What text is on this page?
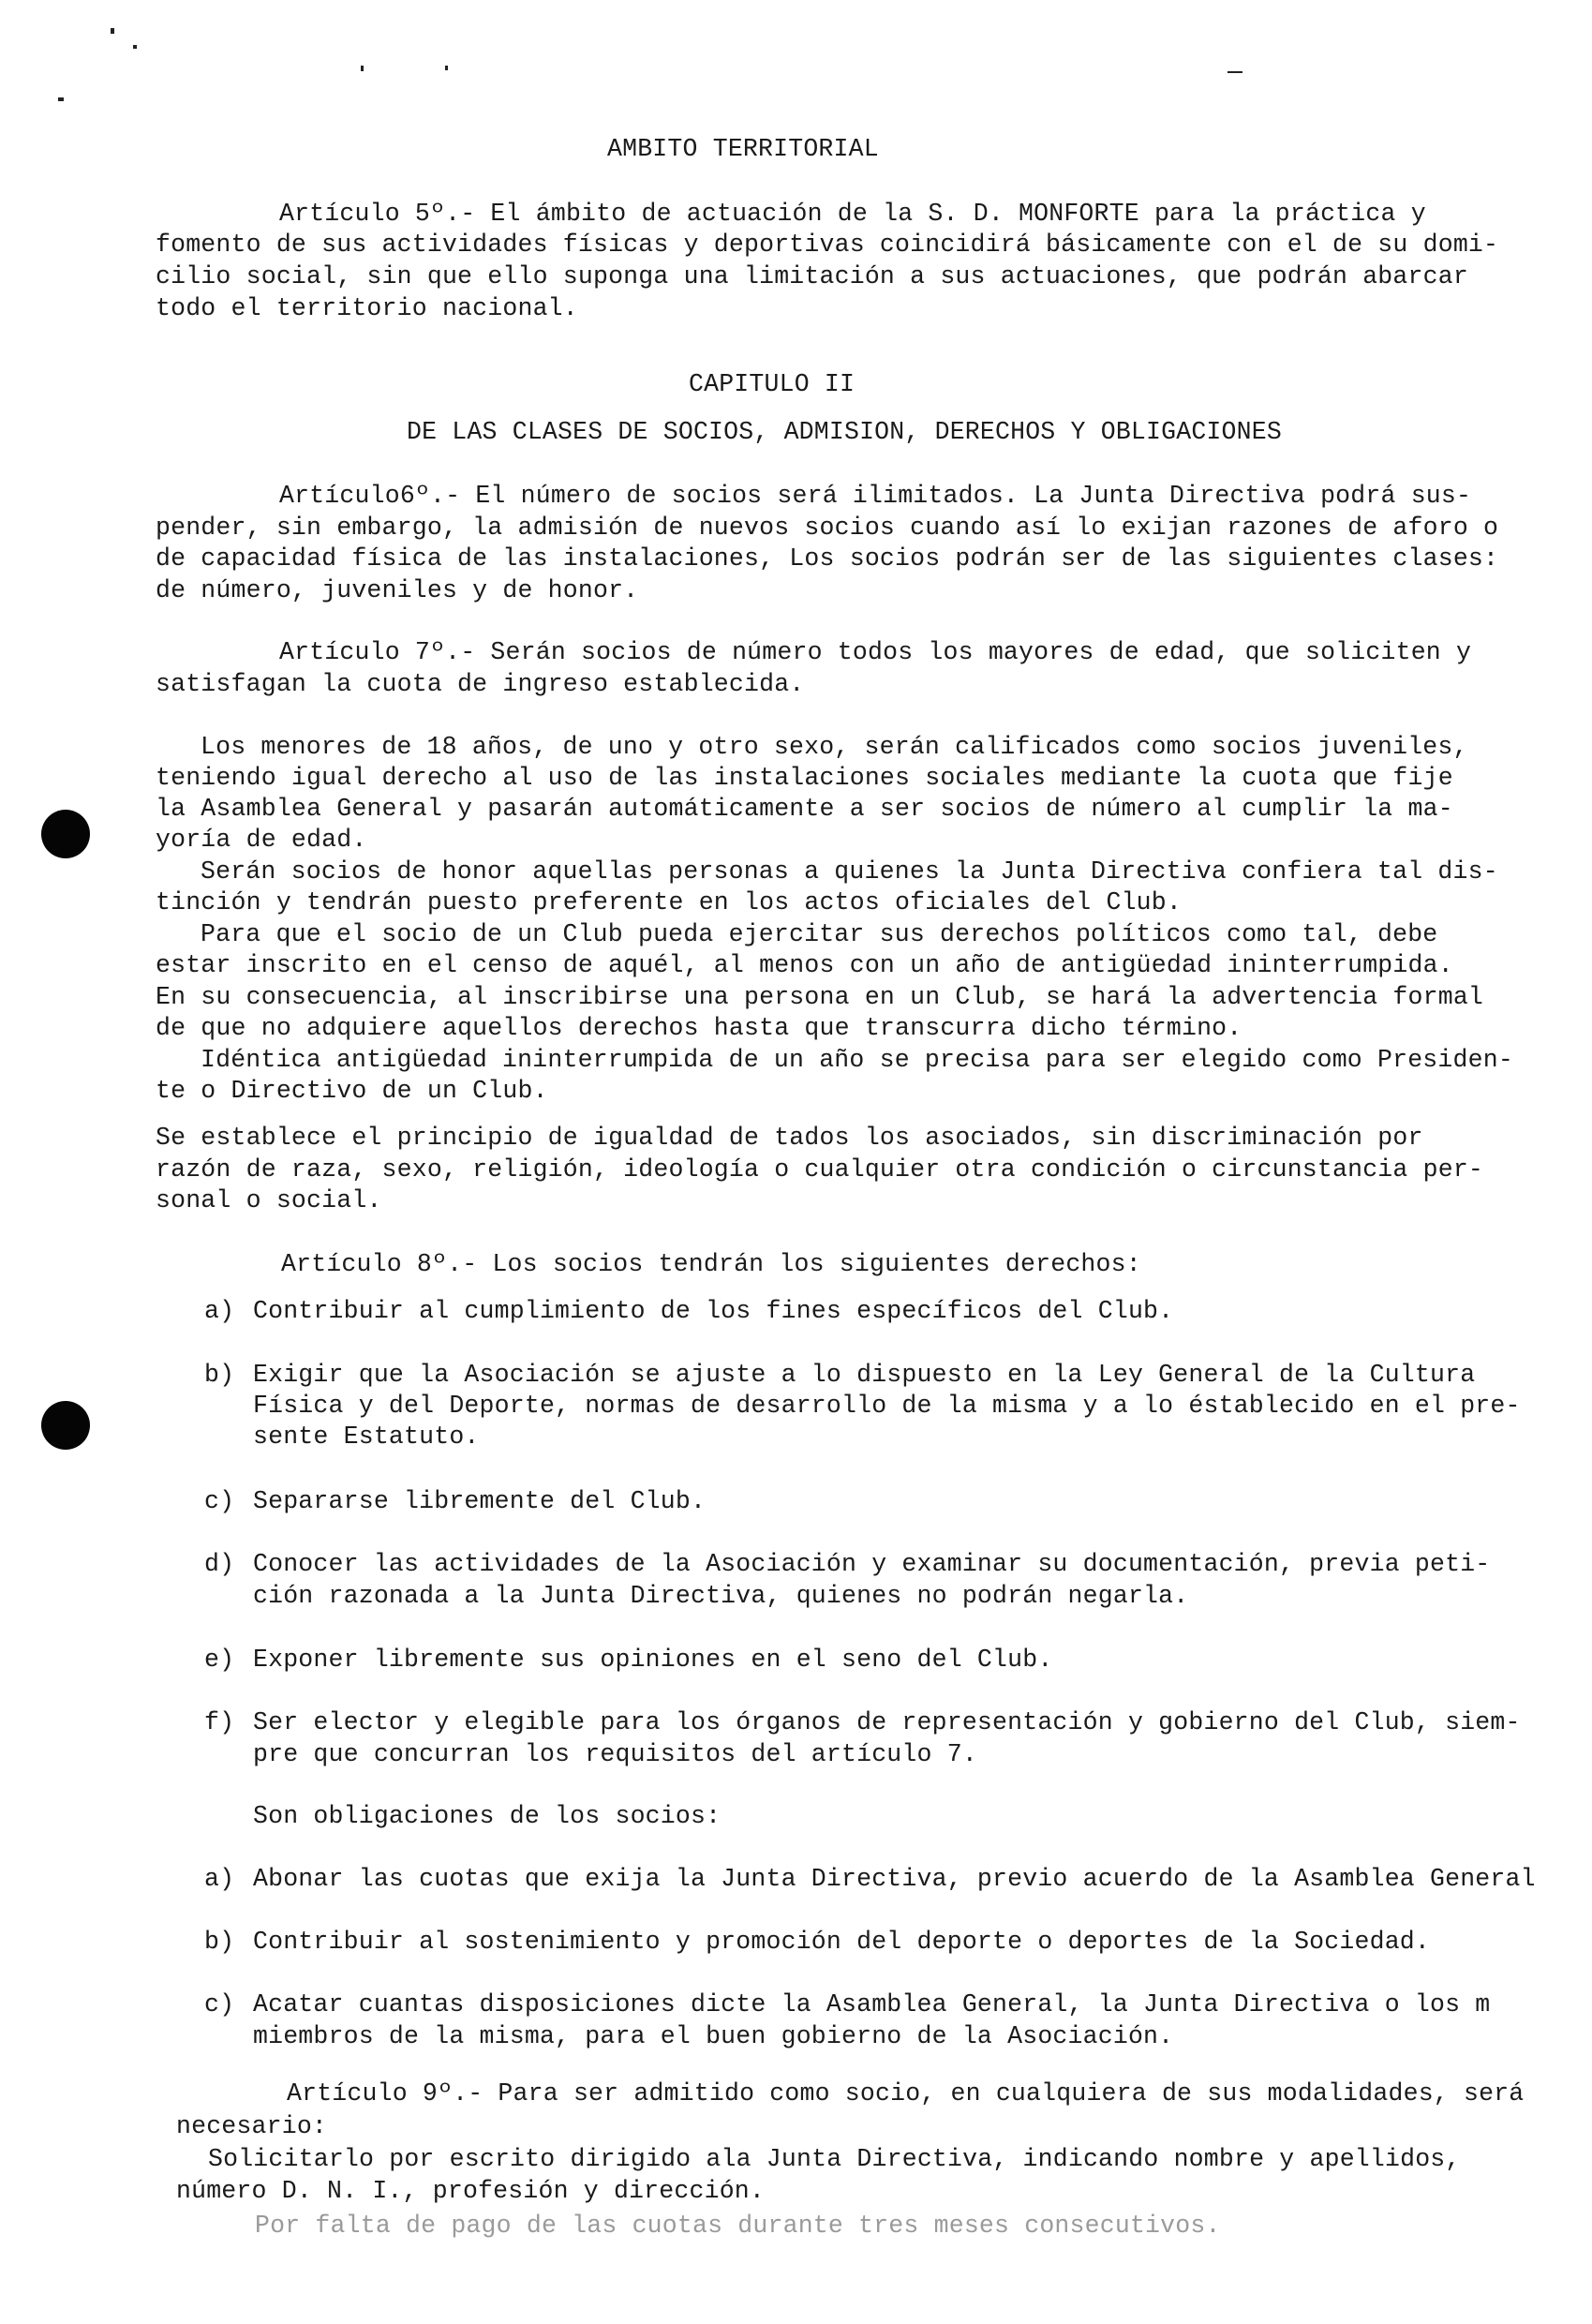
AMBITO TERRITORIAL
Artículo 5º.- El ámbito de actuación de la S. D. MONFORTE para la práctica y
fomento de sus actividades físicas y deportivas coincidirá básicamente con el de su domi-
cilio social, sin que ello suponga una limitación a sus actuaciones, que podrán abarcar
todo el territorio nacional.
CAPITULO II
DE LAS CLASES DE SOCIOS, ADMISION, DERECHOS Y OBLIGACIONES
Artículo6º.- El número de socios será ilimitados. La Junta Directiva podrá sus-
pender, sin embargo, la admisión de nuevos socios cuando así lo exijan razones de aforo o
de capacidad física de las instalaciones, Los socios podrán ser de las siguientes clases:
de número, juveniles y de honor.
Artículo 7º.- Serán socios de número todos los mayores de edad, que soliciten y
satisfagan la cuota de ingreso establecida.
Los menores de 18 años, de uno y otro sexo, serán calificados como socios juveniles,
teniendo igual derecho al uso de las instalaciones sociales mediante la cuota que fije
la Asamblea General y pasarán automáticamente a ser socios de número al cumplir la ma-
yoría de edad.
Serán socios de honor aquellas personas a quienes la Junta Directiva confiera tal dis-
tinción y tendrán puesto preferente en los actos oficiales del Club.
Para que el socio de un Club pueda ejercitar sus derechos políticos como tal, debe
estar inscrito en el censo de aquél, al menos con un año de antigüedad ininterrumpida.
En su consecuencia, al inscribirse una persona en un Club, se hará la advertencia formal
de que no adquiere aquellos derechos hasta que transcurra dicho término.
Idéntica antigüedad ininterrumpida de un año se precisa para ser elegido como Presiden-
te o Directivo de un Club.
Se establece el principio de igualdad de tados los asociados, sin discriminación por
razón de raza, sexo, religión, ideología o cualquier otra condición o circunstancia per-
sonal o social.
Artículo 8º.- Los socios tendrán los siguientes derechos:
a) Contribuir al cumplimiento de los fines específicos del Club.
b) Exigir que la Asociación se ajuste a lo dispuesto en la Ley General de la Cultura
Física y del Deporte, normas de desarrollo de la misma y a lo éstablecido en el pre-
sente Estatuto.
c) Separarse libremente del Club.
d) Conocer las actividades de la Asociación y examinar su documentación, previa peti-
ción razonada a la Junta Directiva, quienes no podrán negarla.
e) Exponer libremente sus opiniones en el seno del Club.
f) Ser elector y elegible para los órganos de representación y gobierno del Club, siem-
pre que concurran los requisitos del artículo 7.
Son obligaciones de los socios:
a) Abonar las cuotas que exija la Junta Directiva, previo acuerdo de la Asamblea General
b) Contribuir al sostenimiento y promoción del deporte o deportes de la Sociedad.
c) Acatar cuantas disposiciones dicte la Asamblea General, la Junta Directiva o los m
miembros de la misma, para el buen gobierno de la Asociación.
Artículo 9º.- Para ser admitido como socio, en cualquiera de sus modalidades, será
necesario:
Solicitarlo por escrito dirigido ala Junta Directiva, indicando nombre y apellidos,
número D. N. I., profesión y dirección.
Por falta de pago de las cuotas durante tres meses consecutivos.
